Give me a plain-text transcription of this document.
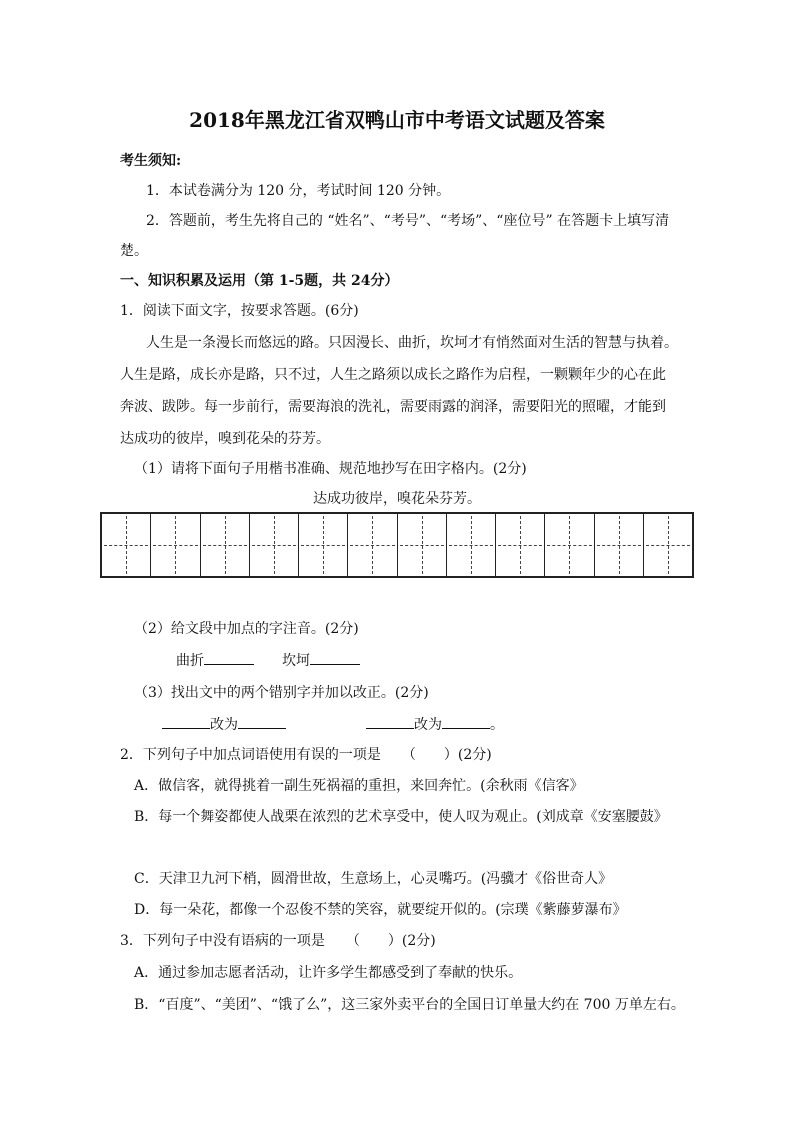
2018年黑龙江省双鸭山市中考语文试题及答案
考生须知:
1．本试卷满分为 120 分，考试时间 120 分钟。
2．答题前，考生先将自己的 “姓名”、“考号”、“考场”、“座位号” 在答题卡上填写清
楚。
一、知识积累及运用（第 1-5题，共 24分）
1．阅读下面文字，按要求答题。(6分)
人生是一条漫长而悠远的路。只因漫长、曲折，坎坷才有悄然面对生活的智慧与执着。
人生是路，成长亦是路，只不过，人生之路须以成长之路作为启程，一颗颗年少的心在此
奔波、跋陟。每一步前行，需要海浪的洗礼，需要雨露的润泽，需要阳光的照曜，才能到
达成功的彼岸，嗅到花朵的芬芳。
（1）请将下面句子用楷书准确、规范地抄写在田字格内。(2分)
达成功彼岸，嗅花朵芬芳。
（2）给文段中加点的字注音。(2分)
曲折	坎坷
（3）找出文中的两个错别字并加以改正。(2分)
改为	改为	。
2．下列句子中加点词语使用有误的一项是　　（　　）(2分)
A．做信客，就得挑着一副生死祸福的重担，来回奔忙。(余秋雨《信客》
B．每一个舞姿都使人战栗在浓烈的艺术享受中，使人叹为观止。(刘成章《安塞腰鼓》
C．天津卫九河下梢，圆滑世故，生意场上，心灵嘴巧。(冯骥才《俗世奇人》
D．每一朵花，都像一个忍俊不禁的笑容，就要绽开似的。(宗璞《紫藤萝瀑布》
3．下列句子中没有语病的一项是　　（　　）(2分)
A．通过参加志愿者活动，让许多学生都感受到了奉献的快乐。
B．“百度”、“美团”、“饿了么”，这三家外卖平台的全国日订单量大约在 700 万单左右。
